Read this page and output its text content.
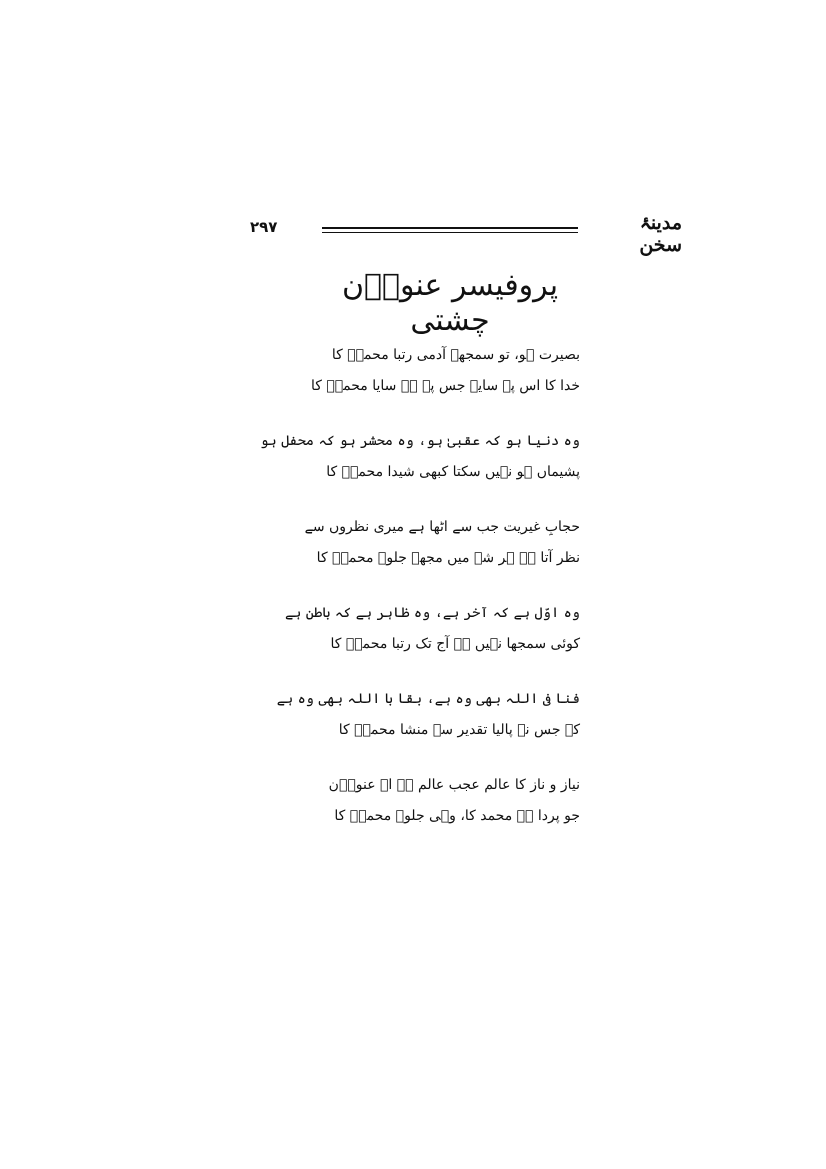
۲۹۷	مدینۂ سخن
پروفیسر عنواؔن چشتی
بصیرت ہو، تو سمجھے آدمی رتبا محمدؐ کا
خدا کا اس پہ سایہ جس پہ ہے سایا محمدؐ کا
وہ دنیا ہو کہ عقبیٰ ہو، وہ محشر ہو کہ محفل ہو
پشیماں ہو نہیں سکتا کبھی شیدا محمدؐ کا
حجابِ غیریت جب سے اٹھا ہے میری نظروں سے
نظر آتا ہے ہر شے میں مجھے جلوہ محمدؐ کا
وہ اوّل ہے کہ آخر ہے، وہ ظاہر ہے کہ باطن ہے
کوئی سمجھا نہیں ہے آج تک رتبا محمدؐ کا
فنا فی اللہ بھی وہ ہے، بقا با اللہ بھی وہ ہے
کہ جس نے پالیا تقدیر سے منشا محمدؐ کا
نیاز و ناز کا عالم عجب عالم ہے اے عنواؔن
جو پردا ہے محمد کا، وہی جلوہ محمدؐ کا
